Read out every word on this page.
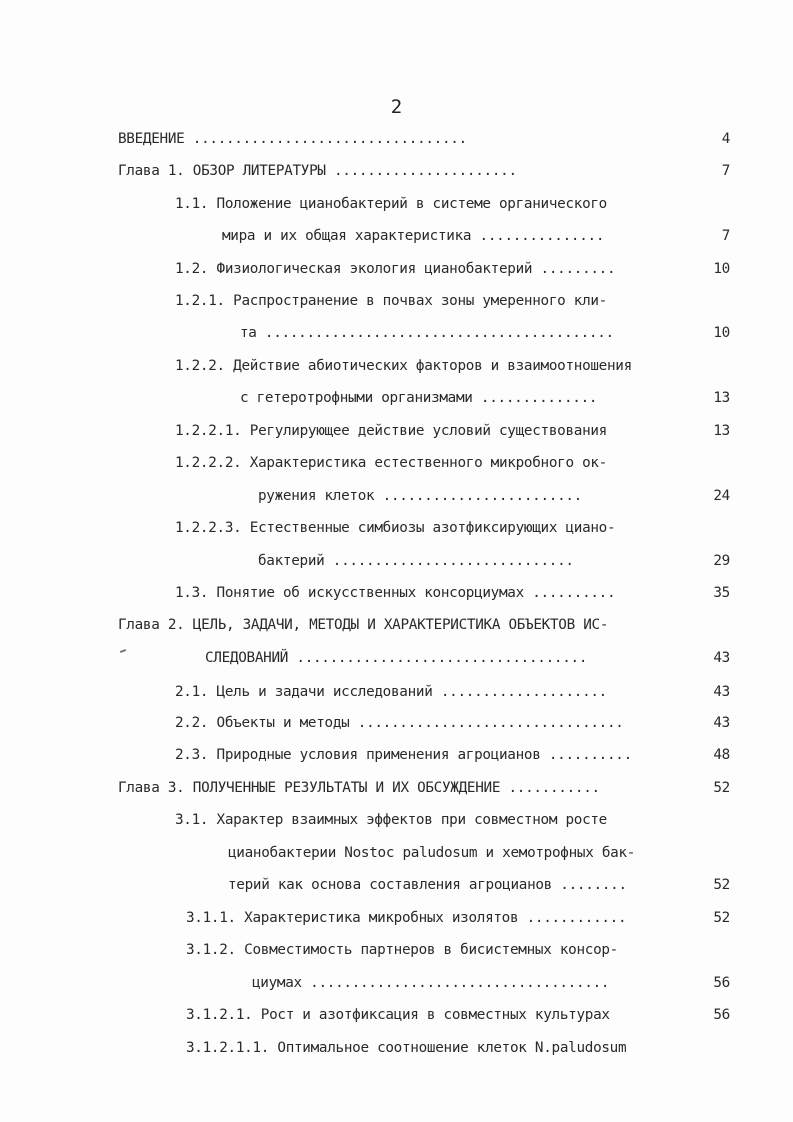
2
ВВЕДЕНИЕ .................................	4
Глава 1. ОБЗОР ЛИТЕРАТУРЫ ......................	7
1.1. Положение цианобактерий в системе органического
мира и их общая характеристика ...............	7
1.2. Физиологическая экология цианобактерий .........	10
1.2.1. Распространение в почвах зоны умеренного кли-
та ..........................................	10
1.2.2. Действие абиотических факторов и взаимоотношения
с гетеротрофными организмами ..............	13
1.2.2.1. Регулирующее действие условий существования	13
1.2.2.2. Характеристика естественного микробного ок-
ружения клеток ........................	24
1.2.2.3. Естественные симбиозы азотфиксирующих циано-
бактерий .............................	29
1.3. Понятие об искусственных консорциумах ..........	35
Глава 2. ЦЕЛЬ, ЗАДАЧИ, МЕТОДЫ И ХАРАКТЕРИСТИКА ОБЪЕКТОВ ИС-
СЛЕДОВАНИЙ ...................................	43
2.1. Цель и задачи исследований ....................	43
2.2. Объекты и методы ................................	43
2.3. Природные условия применения агроцианов ..........	48
Глава 3. ПОЛУЧЕННЫЕ РЕЗУЛЬТАТЫ И ИХ ОБСУЖДЕНИЕ ...........	52
3.1. Характер взаимных эффектов при совместном росте
цианобактерии Nostoc paludosum и хемотрофных бак-
терий как основа составления агроцианов ........	52
3.1.1. Характеристика микробных изолятов ............	52
3.1.2. Совместимость партнеров в бисистемных консор-
циумах ....................................	56
3.1.2.1. Рост и азотфиксация в совместных культурах	56
3.1.2.1.1. Оптимальное соотношение клеток N.paludosum
